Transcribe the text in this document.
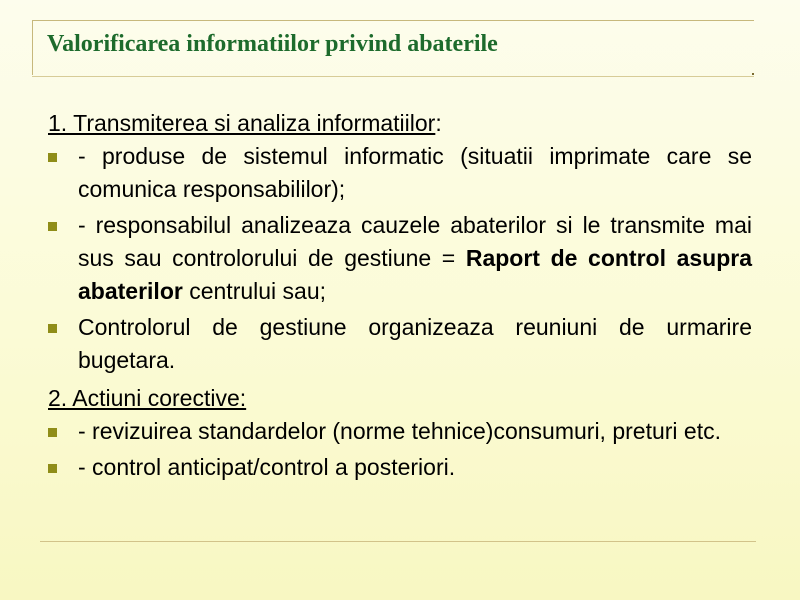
Valorificarea informatiilor privind abaterile

1. Transmiterea si analiza informatiilor:

- produse de sistemul informatic (situatii imprimate care se comunica responsabililor);

- responsabilul analizeaza cauzele abaterilor si le transmite mai sus sau controlorului de gestiune = Raport de control asupra abaterilor centrului sau;

Controlorul de gestiune organizeaza reuniuni de urmarire bugetara.

2. Actiuni corective:

- revizuirea standardelor (norme tehnice)consumuri, preturi etc.

- control anticipat/control a posteriori.
